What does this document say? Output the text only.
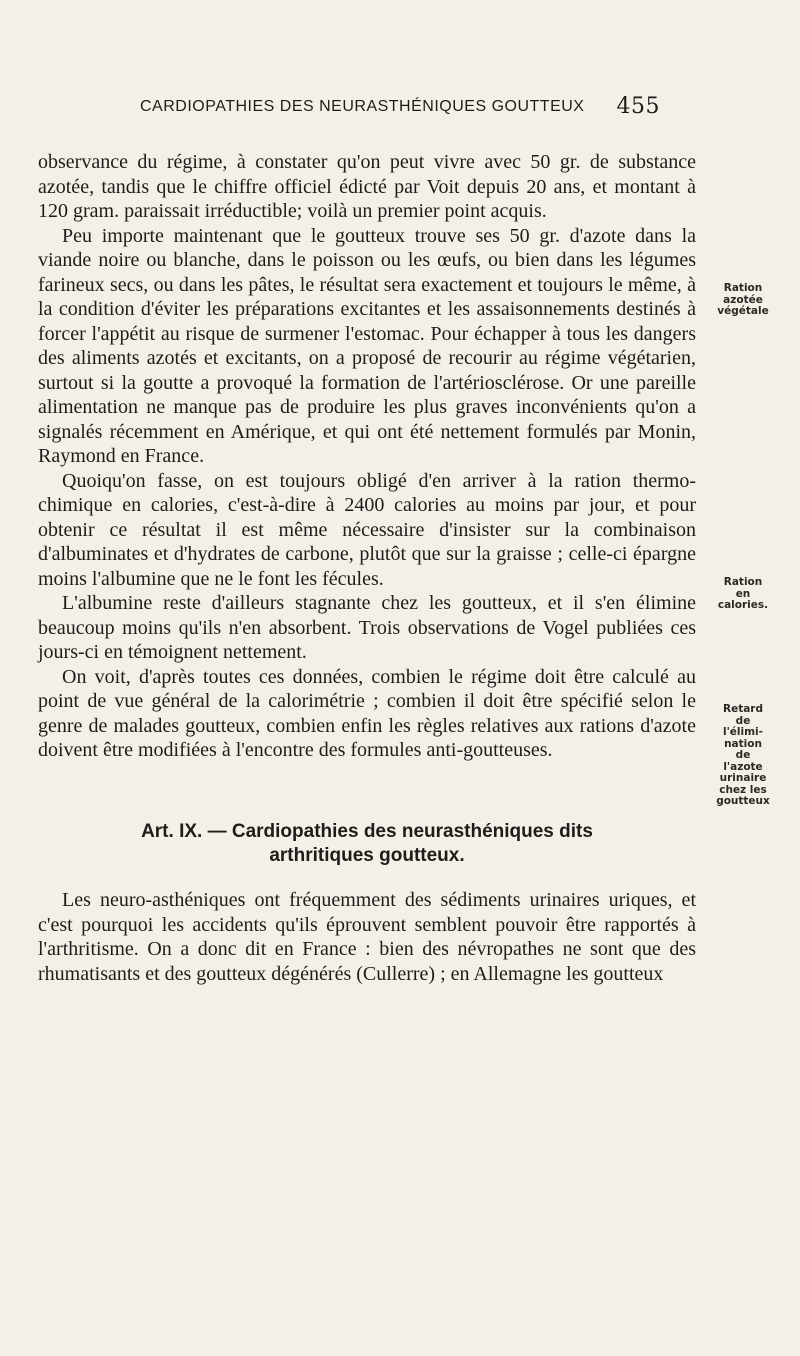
CARDIOPATHIES DES NEURASTHÉNIQUES GOUTTEUX 455

observance du régime, à constater qu'on peut vivre avec 50 gr. de substance azotée, tandis que le chiffre officiel édicté par Voit depuis 20 ans, et montant à 120 gram. paraissait irréductible; voilà un premier point acquis.

Peu importe maintenant que le goutteux trouve ses 50 gr. d'azote dans la viande noire ou blanche, dans le poisson ou les œufs, ou bien dans les légumes farineux secs, ou dans les pâtes, le résultat sera exactement et toujours le même, à la condition d'éviter les préparations excitantes et les assaisonnements destinés à forcer l'appétit au risque de surmener l'estomac. Pour échapper à tous les dangers des aliments azotés et excitants, on a proposé de recourir au régime végétarien, surtout si la goutte a provoqué la formation de l'artériosclérose. Or une pareille alimentation ne manque pas de produire les plus graves inconvénients qu'on a signalés récemment en Amérique, et qui ont été nettement formulés par Monin, Raymond en France.

Quoiqu'on fasse, on est toujours obligé d'en arriver à la ration thermo-chimique en calories, c'est-à-dire à 2400 calories au moins par jour, et pour obtenir ce résultat il est même nécessaire d'insister sur la combinaison d'albuminates et d'hydrates de carbone, plutôt que sur la graisse ; celle-ci épargne moins l'albumine que ne le font les fécules.

L'albumine reste d'ailleurs stagnante chez les goutteux, et il s'en élimine beaucoup moins qu'ils n'en absorbent. Trois observations de Vogel publiées ces jours-ci en témoignent nettement.

On voit, d'après toutes ces données, combien le régime doit être calculé au point de vue général de la calorimétrie ; combien il doit être spécifié selon le genre de malades goutteux, combien enfin les règles relatives aux rations d'azote doivent être modifiées à l'encontre des formules anti-goutteuses.

Ration
azotée
végétale
Ration
en
calories.
Retard
de
l'élimi-
nation
de
l'azote
urinaire
chez les
goutteux
Art. IX. — Cardiopathies des neurasthéniques dits
arthritiques goutteux.

Les neuro-asthéniques ont fréquemment des sédiments urinaires uriques, et c'est pourquoi les accidents qu'ils éprouvent semblent pouvoir être rapportés à l'arthritisme. On a donc dit en France : bien des névropathes ne sont que des rhumatisants et des goutteux dégénérés (Cullerre) ; en Allemagne les goutteux
